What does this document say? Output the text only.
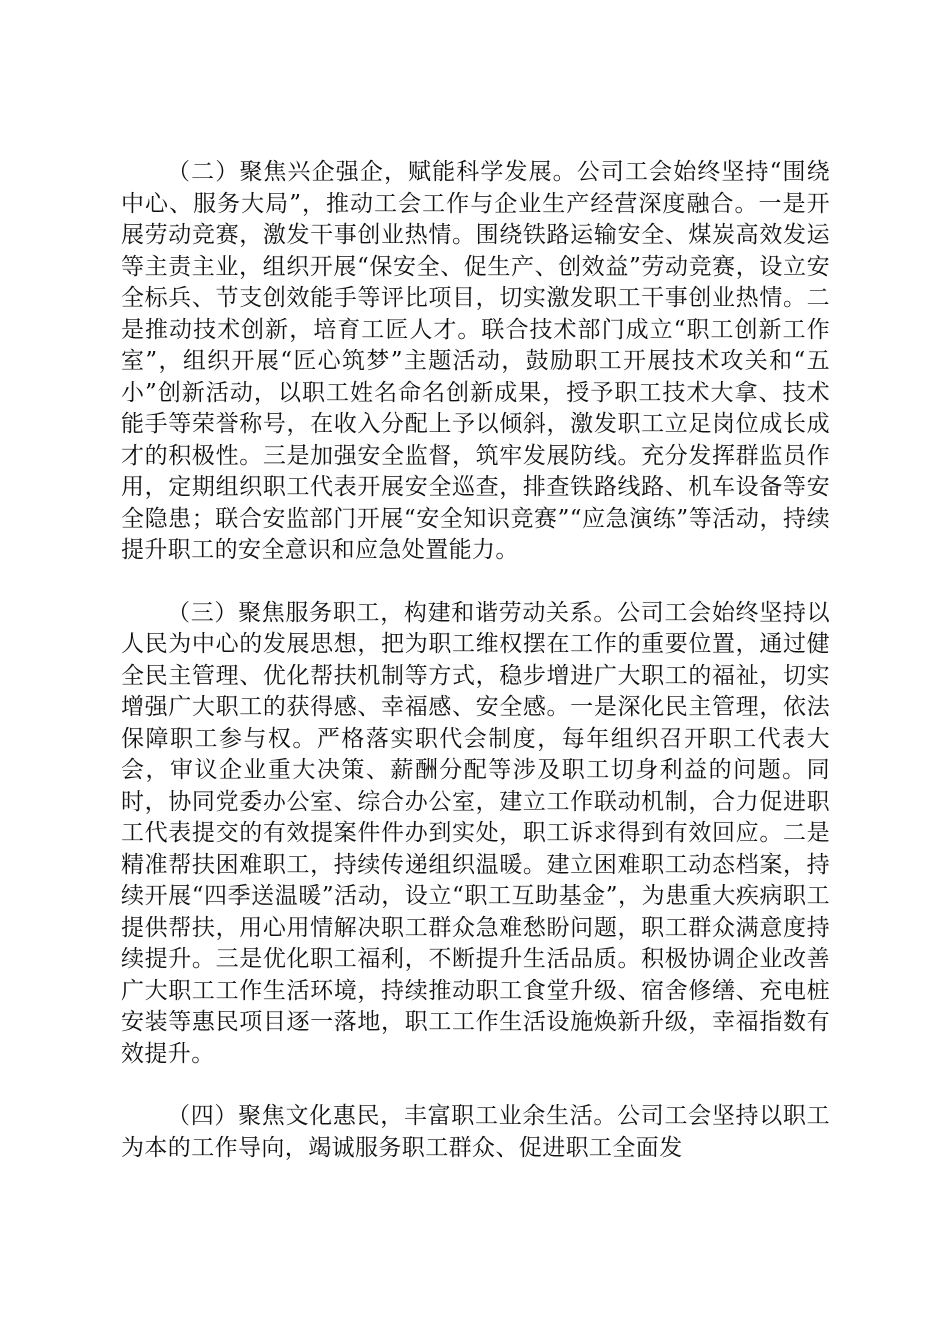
（二）聚焦兴企强企，赋能科学发展。公司工会始终坚持“围绕中心、服务大局”，推动工会工作与企业生产经营深度融合。一是开展劳动竞赛，激发干事创业热情。围绕铁路运输安全、煤炭高效发运等主责主业，组织开展“保安全、促生产、创效益”劳动竞赛，设立安全标兵、节支创效能手等评比项目，切实激发职工干事创业热情。二是推动技术创新，培育工匠人才。联合技术部门成立“职工创新工作室”，组织开展“匠心筑梦”主题活动，鼓励职工开展技术攻关和“五小”创新活动，以职工姓名命名创新成果，授予职工技术大拿、技术能手等荣誉称号，在收入分配上予以倾斜，激发职工立足岗位成长成才的积极性。三是加强安全监督，筑牢发展防线。充分发挥群监员作用，定期组织职工代表开展安全巡查，排查铁路线路、机车设备等安全隐患；联合安监部门开展“安全知识竞赛”“应急演练”等活动，持续提升职工的安全意识和应急处置能力。

（三）聚焦服务职工，构建和谐劳动关系。公司工会始终坚持以人民为中心的发展思想，把为职工维权摆在工作的重要位置，通过健全民主管理、优化帮扶机制等方式，稳步增进广大职工的福祉，切实增强广大职工的获得感、幸福感、安全感。一是深化民主管理，依法保障职工参与权。严格落实职代会制度，每年组织召开职工代表大会，审议企业重大决策、薪酬分配等涉及职工切身利益的问题。同时，协同党委办公室、综合办公室，建立工作联动机制，合力促进职工代表提交的有效提案件件办到实处，职工诉求得到有效回应。二是精准帮扶困难职工，持续传递组织温暖。建立困难职工动态档案，持续开展“四季送温暖”活动，设立“职工互助基金”，为患重大疾病职工提供帮扶，用心用情解决职工群众急难愁盼问题，职工群众满意度持续提升。三是优化职工福利，不断提升生活品质。积极协调企业改善广大职工工作生活环境，持续推动职工食堂升级、宿舍修缮、充电桩安装等惠民项目逐一落地，职工工作生活设施焕新升级，幸福指数有效提升。

（四）聚焦文化惠民，丰富职工业余生活。公司工会坚持以职工为本的工作导向，竭诚服务职工群众、促进职工全面发
